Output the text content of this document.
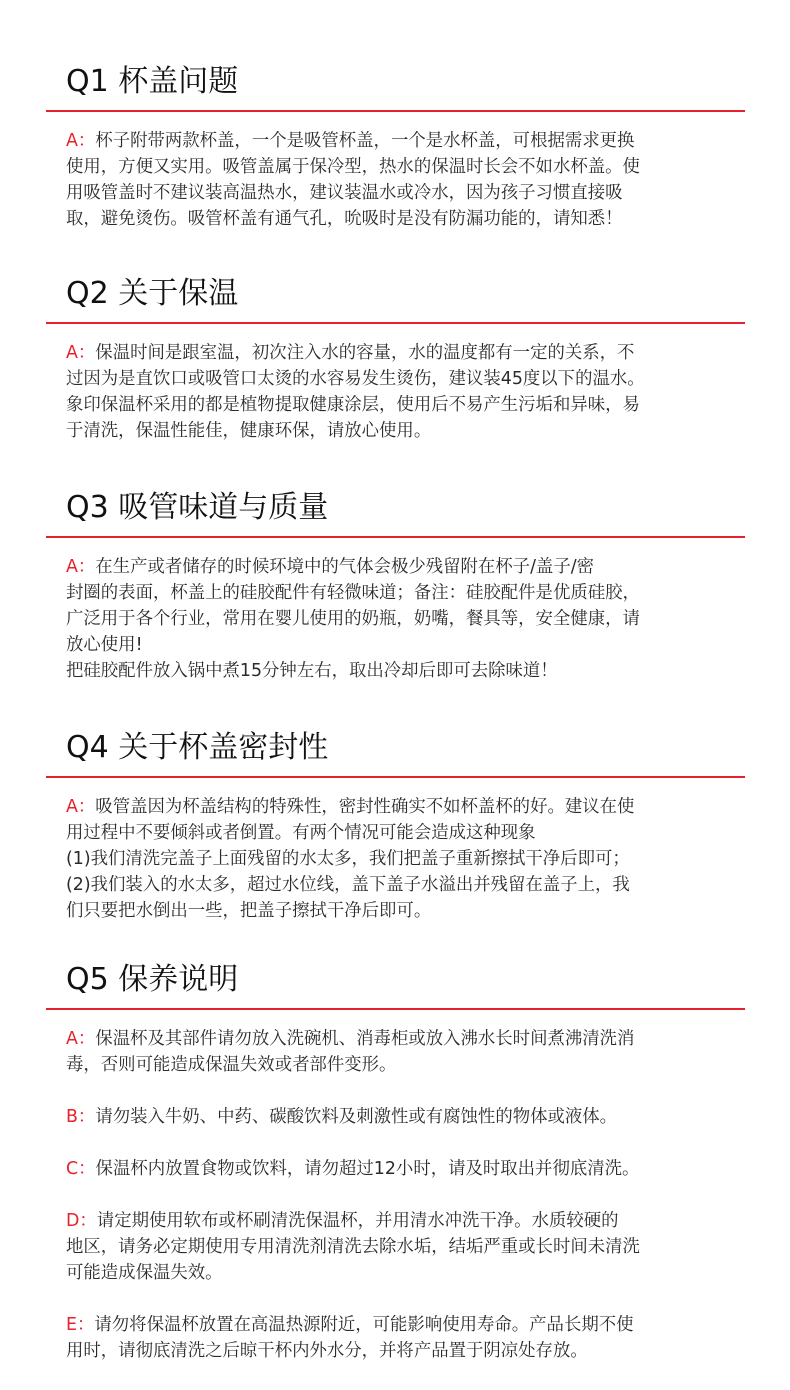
Q1 杯盖问题
A：杯子附带两款杯盖，一个是吸管杯盖，一个是水杯盖，可根据需求更换
使用，方便又实用。吸管盖属于保冷型，热水的保温时长会不如水杯盖。使
用吸管盖时不建议装高温热水，建议装温水或冷水，因为孩子习惯直接吸
取，避免烫伤。吸管杯盖有通气孔，吮吸时是没有防漏功能的，请知悉！
Q2 关于保温
A：保温时间是跟室温，初次注入水的容量，水的温度都有一定的关系，不
过因为是直饮口或吸管口太烫的水容易发生烫伤，建议装45度以下的温水。
象印保温杯采用的都是植物提取健康涂层，使用后不易产生污垢和异味，易
于清洗，保温性能佳，健康环保，请放心使用。
Q3 吸管味道与质量
A：在生产或者储存的时候环境中的气体会极少残留附在杯子/盖子/密
封圈的表面，杯盖上的硅胶配件有轻微味道；备注：硅胶配件是优质硅胶，
广泛用于各个行业，常用在婴儿使用的奶瓶，奶嘴，餐具等，安全健康，请
放心使用!
把硅胶配件放入锅中煮15分钟左右，取出冷却后即可去除味道！
Q4 关于杯盖密封性
A：吸管盖因为杯盖结构的特殊性，密封性确实不如杯盖杯的好。建议在使
用过程中不要倾斜或者倒置。有两个情况可能会造成这种现象
(1)我们清洗完盖子上面残留的水太多，我们把盖子重新擦拭干净后即可；
(2)我们装入的水太多，超过水位线，盖下盖子水溢出并残留在盖子上，我
们只要把水倒出一些，把盖子擦拭干净后即可。
Q5 保养说明
A：保温杯及其部件请勿放入洗碗机、消毒柜或放入沸水长时间煮沸清洗消
毒，否则可能造成保温失效或者部件变形。
B：请勿装入牛奶、中药、碳酸饮料及刺激性或有腐蚀性的物体或液体。
C：保温杯内放置食物或饮料，请勿超过12小时，请及时取出并彻底清洗。
D：请定期使用软布或杯刷清洗保温杯，并用清水冲洗干净。水质较硬的
地区，请务必定期使用专用清洗剂清洗去除水垢，结垢严重或长时间未清洗
可能造成保温失效。
E：请勿将保温杯放置在高温热源附近，可能影响使用寿命。产品长期不使
用时，请彻底清洗之后晾干杯内外水分，并将产品置于阴凉处存放。
